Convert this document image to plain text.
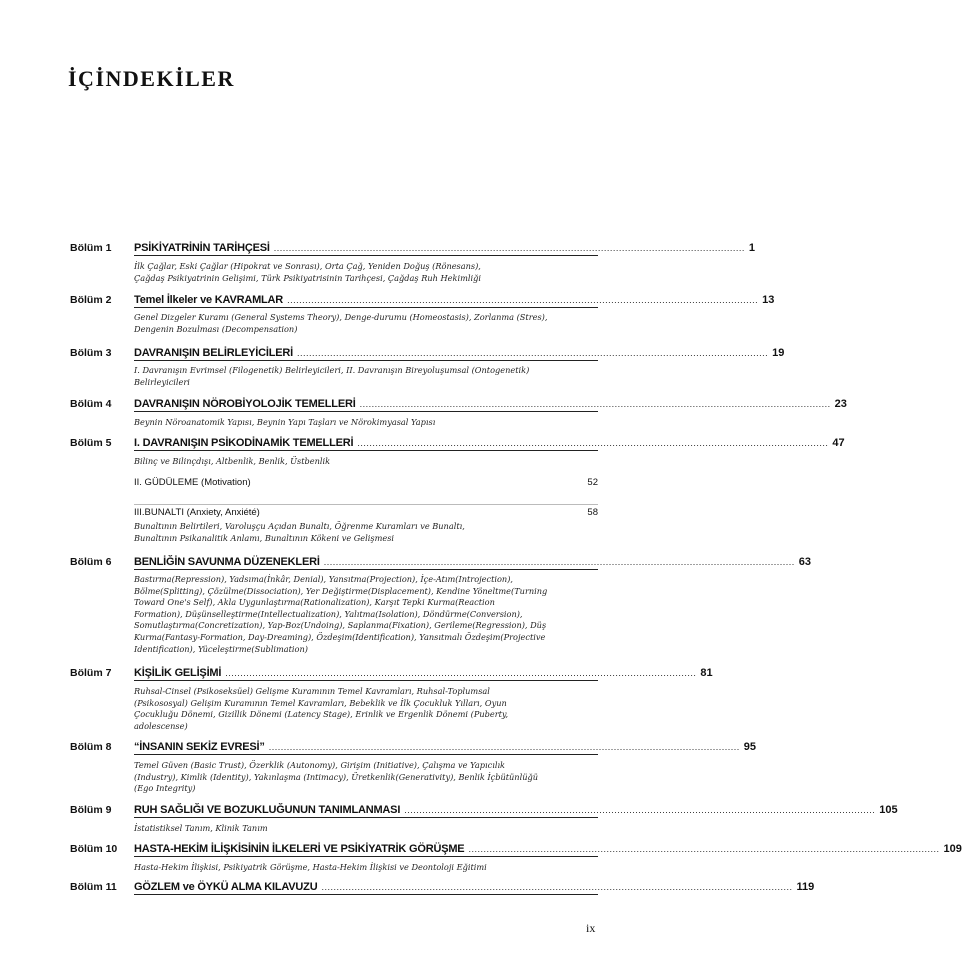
İÇİNDEKİLER
Bölüm 1 PSİKİYATRİNİN TARİHÇESİ ............................................................................................................................................................. 1
İlk Çağlar, Eski Çağlar (Hipokrat ve Sonrası), Orta Çağ, Yeniden Doğuş (Rönesans),
Çağdaş Psikiyatrinin Gelişimi, Türk Psikiyatrisinin Tarihçesi, Çağdaş Ruh Hekimliği
Bölüm 2 Temel İlkeler ve KAVRAMLAR ............................................................................................................................................................. 13
Genel Dizgeler Kuramı (General Systems Theory), Denge-durumu (Homeostasis), Zorlanma (Stres),
Dengenin Bozulması (Decompensation)
Bölüm 3 DAVRANIŞIN BELİRLEYİCİLERİ ............................................................................................................................................................. 19
I. Davranışın Evrimsel (Filogenetik) Belirleyicileri, II. Davranışın Bireyoluşumsal (Ontogenetik)
Belirleyicileri
Bölüm 4 DAVRANIŞIN NÖROBİYOLOJİK TEMELLERİ ............................................................................................................................................................. 23
Beynin Nöroanatomik Yapısı, Beynin Yapı Taşları ve Nörokimyasal Yapısı
Bölüm 5 I. DAVRANIŞIN PSİKODİNAMİK TEMELLERİ ............................................................................................................................................................. 47
Bilinç ve Bilinçdışı, Altbenlik, Benlik, Üstbenlik
II. GÜDÜLEME (Motivation)	52
III.BUNALTI (Anxiety, Anxiété)	58
Bunaltının Belirtileri, Varoluşçu Açıdan Bunaltı, Öğrenme Kuramları ve Bunaltı,
Bunaltının Psikanalitik Anlamı, Bunaltının Kökeni ve Gelişmesi
Bölüm 6 BENLİĞİN SAVUNMA DÜZENEKLERİ ............................................................................................................................................................. 63
Bastırma(Repression), Yadsıma(İnkâr, Denial), Yansıtma(Projection), İçe-Atım(Introjection),
Bölme(Splitting), Çözülme(Dissociation), Yer Değiştirme(Displacement), Kendine Yöneltme(Turning
Toward One's Self), Akla Uygunlaştırma(Rationalization), Karşıt Tepki Kurma(Reaction
Formation), Düşünselleştirme(Intellectualization), Yalıtma(Isolation), Döndürme(Conversion),
Somutlaştırma(Concretization), Yap-Boz(Undoing), Saplanma(Fixation), Gerileme(Regression), Düş
Kurma(Fantasy-Formation, Day-Dreaming), Özdeşim(Identification), Yansıtmalı Özdeşim(Projective
Identification), Yüceleştirme(Sublimation)
Bölüm 7 KİŞİLİK GELİŞİMİ ............................................................................................................................................................. 81
Ruhsal-Cinsel (Psikoseksüel) Gelişme Kuramının Temel Kavramları, Ruhsal-Toplumsal
(Psikososyal) Gelişim Kuramının Temel Kavramları, Bebeklik ve İlk Çocukluk Yılları, Oyun
Çocukluğu Dönemi, Gizillik Dönemi (Latency Stage), Erinlik ve Ergenlik Dönemi (Puberty,
adolescense)
Bölüm 8 “İNSANIN SEKİZ EVRESİ” ............................................................................................................................................................. 95
Temel Güven (Basic Trust), Özerklik (Autonomy), Girişim (Initiative), Çalışma ve Yapıcılık
(Industry), Kimlik (Identity), Yakınlaşma (Intimacy), Üretkenlik(Generativity), Benlik İçbütünlüğü
(Ego Integrity)
Bölüm 9 RUH SAĞLIĞI VE BOZUKLUĞUNUN TANIMLANMASI ............................................................................................................................................................. 105
İstatistiksel Tanım, Klinik Tanım
Bölüm 10 HASTA-HEKİM İLİŞKİSİNİN İLKELERİ VE PSİKİYATRİK GÖRÜŞME ............................................................................................................................................................. 109
Hasta-Hekim İlişkisi, Psikiyatrik Görüşme, Hasta-Hekim İlişkisi ve Deontoloji Eğitimi
Bölüm 11 GÖZLEM ve ÖYKÜ ALMA KILAVUZU ............................................................................................................................................................. 119
ix
